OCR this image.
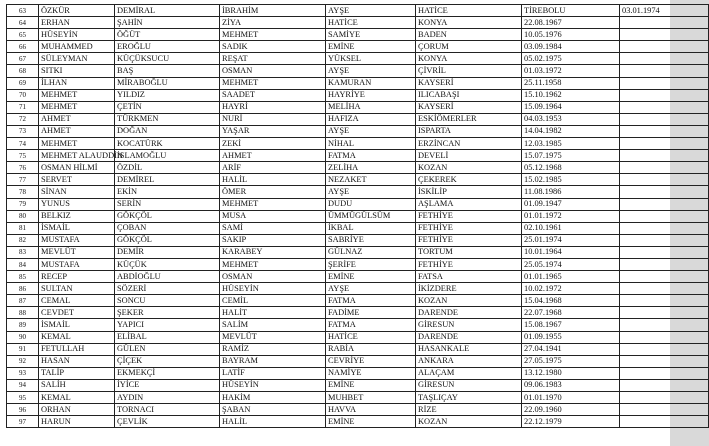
63	ÖZKÜR	DEMİRAL	İBRAHİM	AYŞE	HATİCE	TİREBOLU	03.01.1974
64	ERHAN	ŞAHİN	ZİYA	HATİCE	KONYA	22.08.1967	
65	HÜSEYİN	ÖĞÜT	MEHMET	SAMİYE	BADEN	10.05.1976	
66	MUHAMMED	EROĞLU	SADIK	EMİNE	ÇORUM	03.09.1984	
67	SÜLEYMAN	KÜÇÜKSUCU	REŞAT	YÜKSEL	KONYA	05.02.1975	
68	SITKI	BAŞ	OSMAN	AYŞE	ÇİVRİL	01.03.1972	
69	İLHAN	MİRABOĞLU	MEHMET	KAMURAN	KAYSERİ	25.11.1958	
70	MEHMET	YILDIZ	SAADET	HAYRİYE	ILICABAŞI	15.10.1962	
71	MEHMET	ÇETİN	HAYRİ	MELİHA	KAYSERİ	15.09.1964	
72	AHMET	TÜRKMEN	NURİ	HAFIZA	ESKİÖMERLER	04.03.1953	
73	AHMET	DOĞAN	YAŞAR	AYŞE	ISPARTA	14.04.1982	
74	MEHMET	KOCATÜRK	ZEKİ	NİHAL	ERZİNCAN	12.03.1985	
75	MEHMET ALAUDDİN	İSLAMOĞLU	AHMET	FATMA	DEVELİ	15.07.1975	
76	OSMAN HİLMİ	ÖZDİL	ARİF	ZELİHA	KOZAN	05.12.1968	
77	SERVET	DEMİREL	HALİL	NEZAKET	ÇEKEREK	15.02.1985	
78	SİNAN	EKİN	ÖMER	AYŞE	İSKİLİP	11.08.1986	
79	YUNUS	SERİN	MEHMET	DUDU	AŞLAMA	01.09.1947	
80	BELKIZ	GÖKÇÖL	MUSA	ÜMMÜGÜLSÜM	FETHİYE	01.01.1972	
81	İSMAİL	ÇOBAN	SAMİ	İKBAL	FETHİYE	02.10.1961	
82	MUSTAFA	GÖKÇÖL	SAKIP	SABRİYE	FETHİYE	25.01.1974	
83	MEVLÜT	DEMİR	KARABEY	GÜLNAZ	TORTUM	10.01.1964	
84	MUSTAFA	KÜÇÜK	MEHMET	ŞERİFE	FETHİYE	25.05.1974	
85	RECEP	ABDİOĞLU	OSMAN	EMİNE	FATSA	01.01.1965	
86	SULTAN	SÖZERİ	HÜSEYİN	AYŞE	İKİZDERE	10.02.1972	
87	CEMAL	SONCU	CEMİL	FATMA	KOZAN	15.04.1968	
88	CEVDET	ŞEKER	HALİT	FADİME	DARENDE	22.07.1968	
89	İSMAİL	YAPICI	SALİM	FATMA	GİRESUN	15.08.1967	
90	KEMAL	ELİBAL	MEVLÜT	HATİCE	DARENDE	01.09.1955	
91	FETULLAH	GÜLEN	RAMİZ	RABİA	HASANKALE	27.04.1941	
92	HASAN	ÇİÇEK	BAYRAM	CEVRİYE	ANKARA	27.05.1975	
93	TALİP	EKMEKÇİ	LATİF	NAMİYE	ALAÇAM	13.12.1980	
94	SALİH	İYİCE	HÜSEYİN	EMİNE	GİRESUN	09.06.1983	
95	KEMAL	AYDIN	HAKİM	MUHBET	TAŞLIÇAY	01.01.1970	
96	ORHAN	TORNACI	ŞABAN	HAVVA	RİZE	22.09.1960	
97	HARUN	ÇEVLİK	HALİL	EMİNE	KOZAN	22.12.1979	
